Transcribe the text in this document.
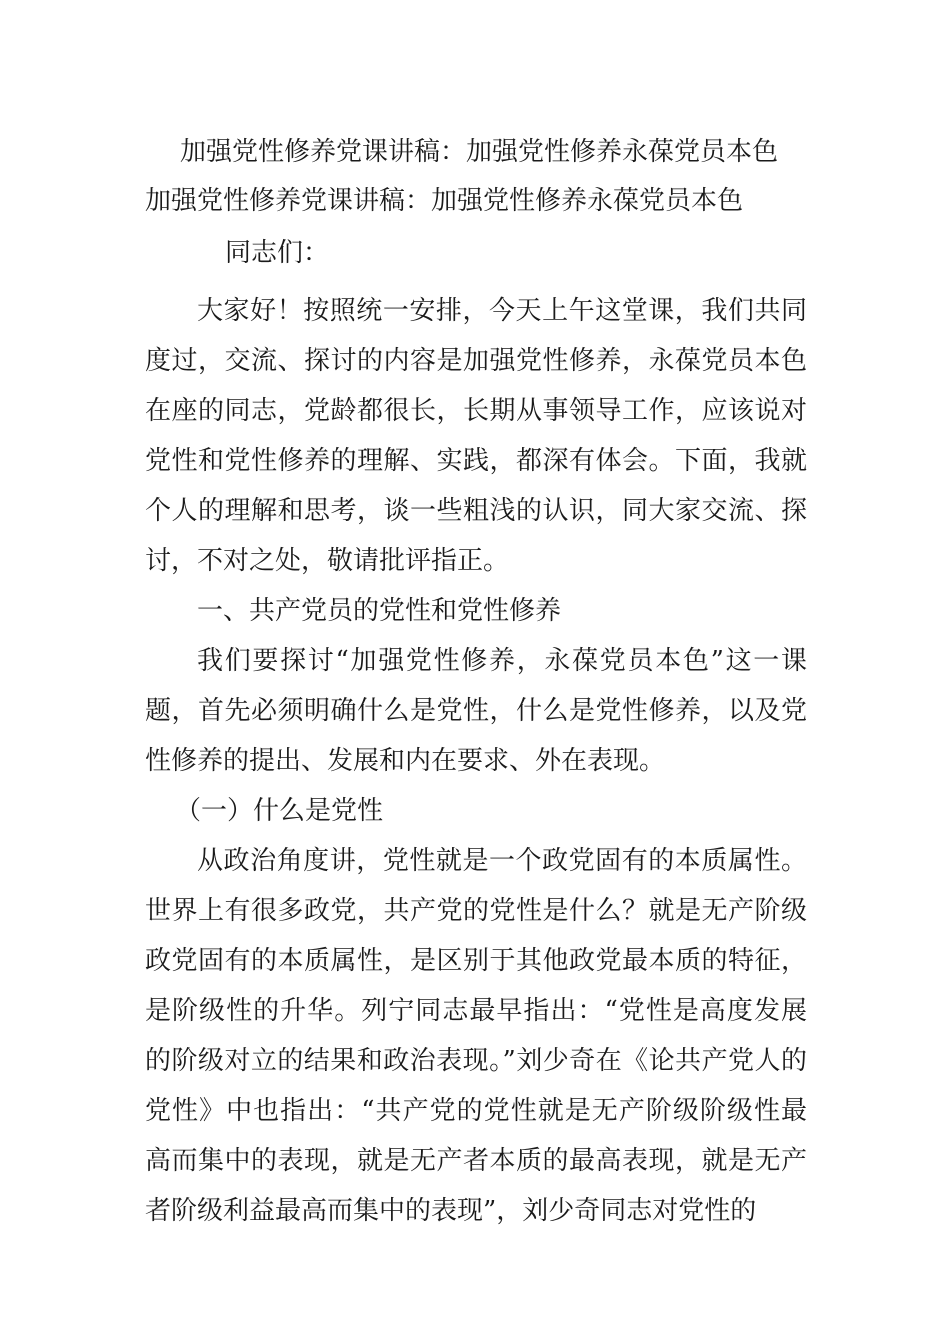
加强党性修养党课讲稿：加强党性修养永葆党员本色
加强党性修养党课讲稿：加强党性修养永葆党员本色

同志们：

大家好！按照统一安排，今天上午这堂课，我们共同度过，交流、探讨的内容是加强党性修养，永葆党员本色在座的同志，党龄都很长，长期从事领导工作，应该说对党性和党性修养的理解、实践，都深有体会。下面，我就个人的理解和思考，谈一些粗浅的认识，同大家交流、探讨，不对之处，敬请批评指正。

一、共产党员的党性和党性修养

我们要探讨“加强党性修养，永葆党员本色”这一课题，首先必须明确什么是党性，什么是党性修养，以及党性修养的提出、发展和内在要求、外在表现。

（一）什么是党性

从政治角度讲，党性就是一个政党固有的本质属性。世界上有很多政党，共产党的党性是什么？就是无产阶级政党固有的本质属性，是区别于其他政党最本质的特征，是阶级性的升华。列宁同志最早指出：“党性是高度发展的阶级对立的结果和政治表现。”刘少奇在《论共产党人的党性》中也指出：“共产党的党性就是无产阶级阶级性最高而集中的表现，就是无产者本质的最高表现，就是无产者阶级利益最高而集中的表现”，刘少奇同志对党性的
